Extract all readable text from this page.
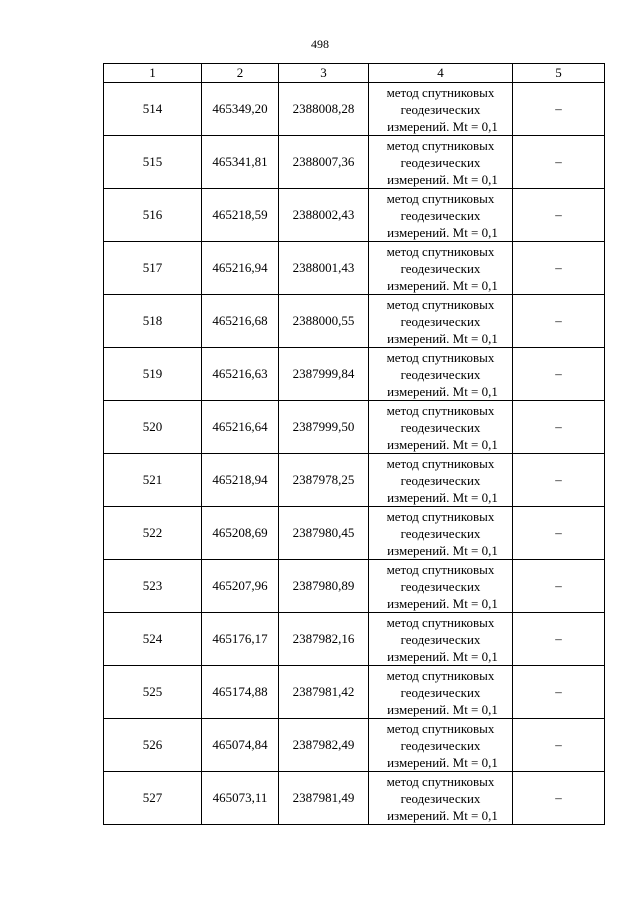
498
1	2	3	4	5
514	465349,20	2388008,28	метод спутниковых
геодезических
измерений. Mt = 0,1	–
515	465341,81	2388007,36	метод спутниковых
геодезических
измерений. Mt = 0,1	–
516	465218,59	2388002,43	метод спутниковых
геодезических
измерений. Mt = 0,1	–
517	465216,94	2388001,43	метод спутниковых
геодезических
измерений. Mt = 0,1	–
518	465216,68	2388000,55	метод спутниковых
геодезических
измерений. Mt = 0,1	–
519	465216,63	2387999,84	метод спутниковых
геодезических
измерений. Mt = 0,1	–
520	465216,64	2387999,50	метод спутниковых
геодезических
измерений. Mt = 0,1	–
521	465218,94	2387978,25	метод спутниковых
геодезических
измерений. Mt = 0,1	–
522	465208,69	2387980,45	метод спутниковых
геодезических
измерений. Mt = 0,1	–
523	465207,96	2387980,89	метод спутниковых
геодезических
измерений. Mt = 0,1	–
524	465176,17	2387982,16	метод спутниковых
геодезических
измерений. Mt = 0,1	–
525	465174,88	2387981,42	метод спутниковых
геодезических
измерений. Mt = 0,1	–
526	465074,84	2387982,49	метод спутниковых
геодезических
измерений. Mt = 0,1	–
527	465073,11	2387981,49	метод спутниковых
геодезических
измерений. Mt = 0,1	–
